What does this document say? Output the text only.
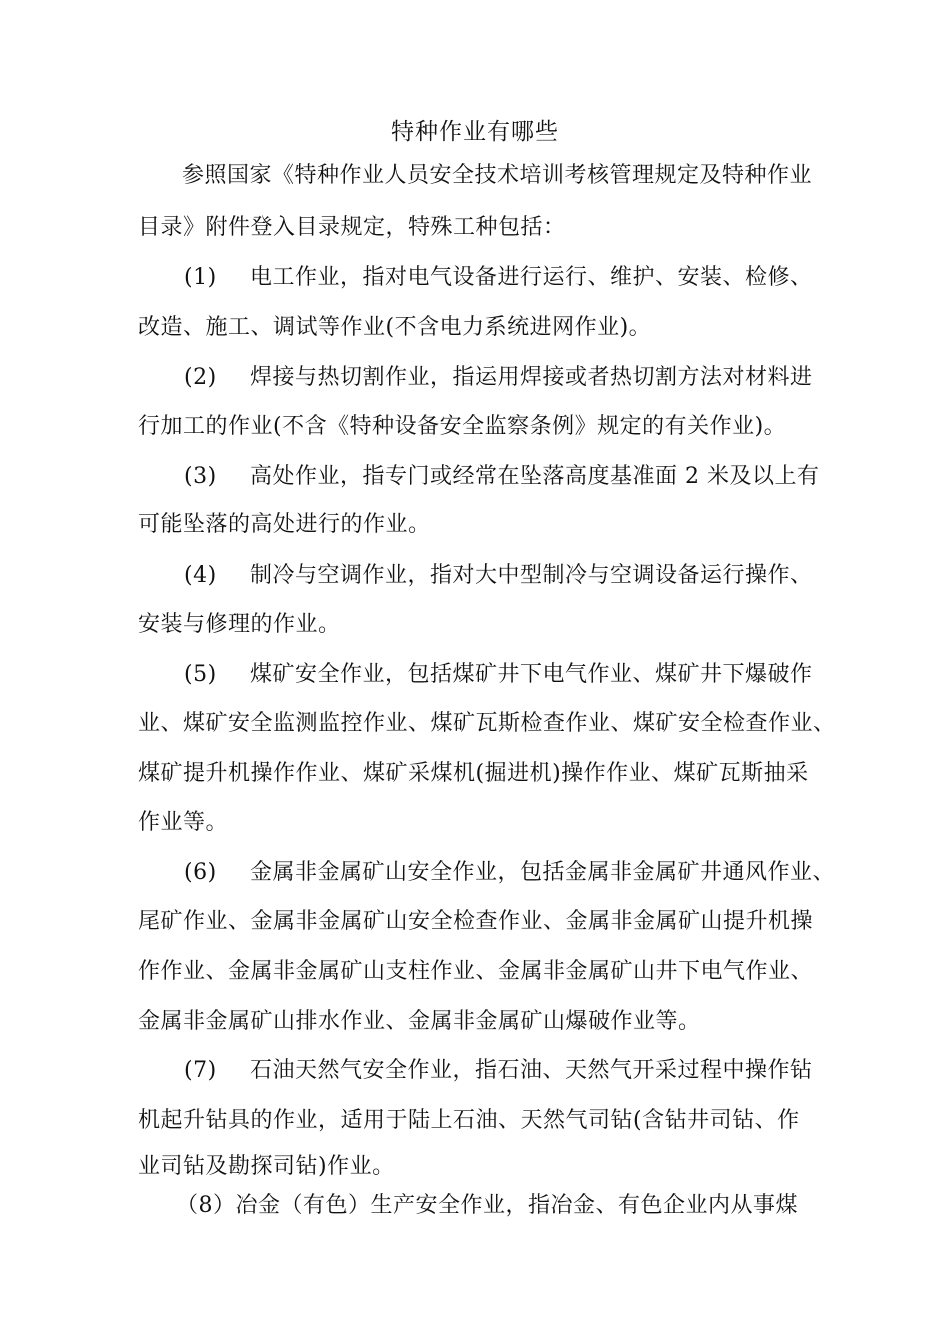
特种作业有哪些
参照国家《特种作业人员安全技术培训考核管理规定及特种作业
目录》附件登入目录规定，特殊工种包括：
(1) 电工作业，指对电气设备进行运行、维护、安装、检修、
改造、施工、调试等作业(不含电力系统进网作业)。
(2) 焊接与热切割作业，指运用焊接或者热切割方法对材料进
行加工的作业(不含《特种设备安全监察条例》规定的有关作业)。
(3) 高处作业，指专门或经常在坠落高度基准面 2 米及以上有
可能坠落的高处进行的作业。
(4) 制冷与空调作业，指对大中型制冷与空调设备运行操作、
安装与修理的作业。
(5) 煤矿安全作业，包括煤矿井下电气作业、煤矿井下爆破作
业、煤矿安全监测监控作业、煤矿瓦斯检查作业、煤矿安全检查作业、
煤矿提升机操作作业、煤矿采煤机(掘进机)操作作业、煤矿瓦斯抽采
作业等。
(6) 金属非金属矿山安全作业，包括金属非金属矿井通风作业、
尾矿作业、金属非金属矿山安全检查作业、金属非金属矿山提升机操
作作业、金属非金属矿山支柱作业、金属非金属矿山井下电气作业、
金属非金属矿山排水作业、金属非金属矿山爆破作业等。
(7) 石油天然气安全作业，指石油、天然气开采过程中操作钻
机起升钻具的作业，适用于陆上石油、天然气司钻(含钻井司钻、作
业司钻及勘探司钻)作业。
（8）冶金（有色）生产安全作业，指冶金、有色企业内从事煤
